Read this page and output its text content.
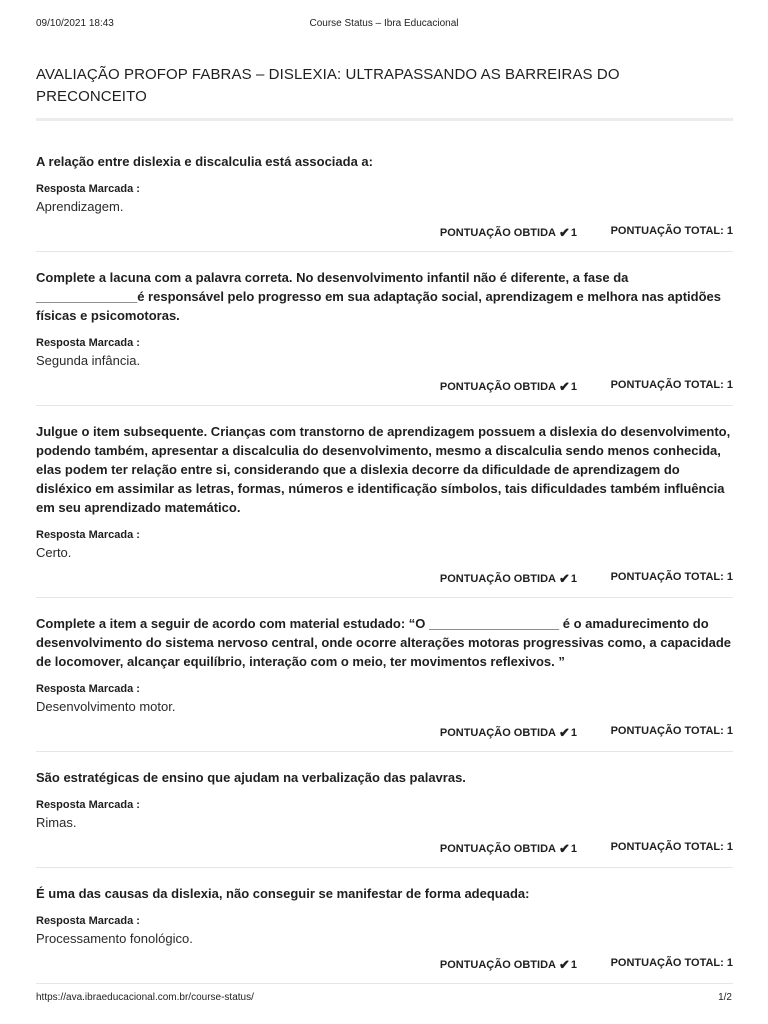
09/10/2021 18:43	Course Status – Ibra Educacional
AVALIAÇÃO PROFOP FABRAS – DISLEXIA: ULTRAPASSANDO AS BARREIRAS DO PRECONCEITO
A relação entre dislexia e discalculia está associada a:
Resposta Marcada :
Aprendizagem.
PONTUAÇÃO OBTIDA ✔1	PONTUAÇÃO TOTAL: 1
Complete a lacuna com a palavra correta. No desenvolvimento infantil não é diferente, a fase da ______________é responsável pelo progresso em sua adaptação social, aprendizagem e melhora nas aptidões físicas e psicomotoras.
Resposta Marcada :
Segunda infância.
PONTUAÇÃO OBTIDA ✔1	PONTUAÇÃO TOTAL: 1
Julgue o item subsequente. Crianças com transtorno de aprendizagem possuem a dislexia do desenvolvimento, podendo também, apresentar a discalculia do desenvolvimento, mesmo a discalculia sendo menos conhecida, elas podem ter relação entre si, considerando que a dislexia decorre da dificuldade de aprendizagem do disléxico em assimilar as letras, formas, números e identificação símbolos, tais dificuldades também influência em seu aprendizado matemático.
Resposta Marcada :
Certo.
PONTUAÇÃO OBTIDA ✔1	PONTUAÇÃO TOTAL: 1
Complete a item a seguir de acordo com material estudado: “O __________________ é o amadurecimento do desenvolvimento do sistema nervoso central, onde ocorre alterações motoras progressivas como, a capacidade de locomover, alcançar equilíbrio, interação com o meio, ter movimentos reflexivos. ”
Resposta Marcada :
Desenvolvimento motor.
PONTUAÇÃO OBTIDA ✔1	PONTUAÇÃO TOTAL: 1
São estratégicas de ensino que ajudam na verbalização das palavras.
Resposta Marcada :
Rimas.
PONTUAÇÃO OBTIDA ✔1	PONTUAÇÃO TOTAL: 1
É uma das causas da dislexia, não conseguir se manifestar de forma adequada:
Resposta Marcada :
Processamento fonológico.
PONTUAÇÃO OBTIDA ✔1	PONTUAÇÃO TOTAL: 1
https://ava.ibraeducacional.com.br/course-status/	1/2
